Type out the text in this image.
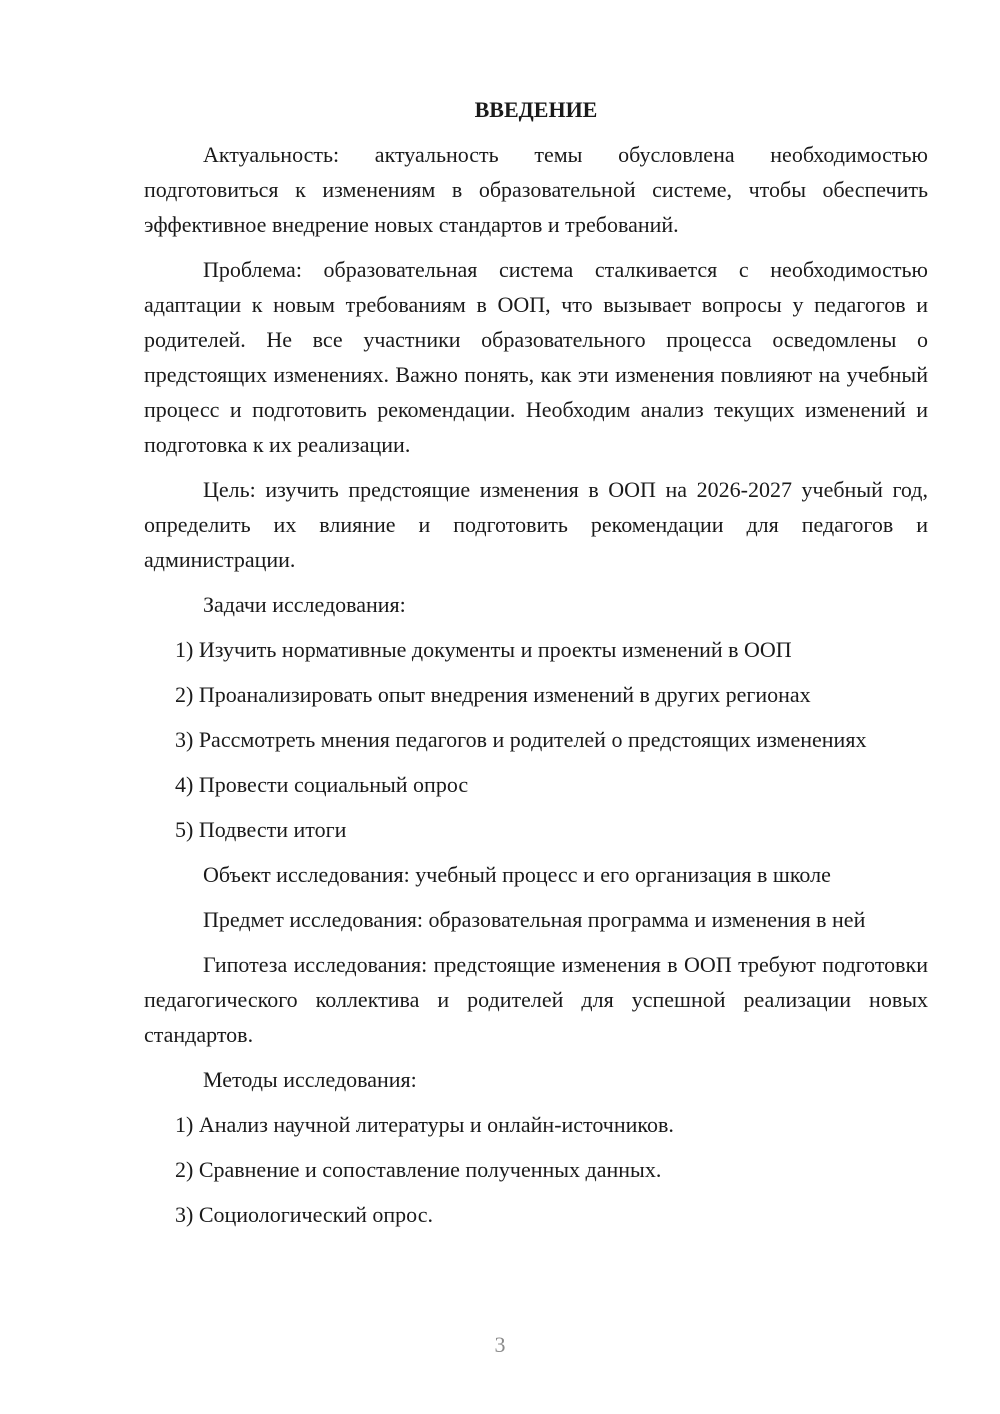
ВВЕДЕНИЕ

Актуальность: актуальность темы обусловлена необходимостью подготовиться к изменениям в образовательной системе, чтобы обеспечить эффективное внедрение новых стандартов и требований.

Проблема: образовательная система сталкивается с необходимостью адаптации к новым требованиям в ООП, что вызывает вопросы у педагогов и родителей. Не все участники образовательного процесса осведомлены о предстоящих изменениях. Важно понять, как эти изменения повлияют на учебный процесс и подготовить рекомендации. Необходим анализ текущих изменений и подготовка к их реализации.

Цель: изучить предстоящие изменения в ООП на 2026-2027 учебный год, определить их влияние и подготовить рекомендации для педагогов и администрации.

Задачи исследования:

1) Изучить нормативные документы и проекты изменений в ООП

2) Проанализировать опыт внедрения изменений в других регионах

3) Рассмотреть мнения педагогов и родителей о предстоящих изменениях

4) Провести социальный опрос

5) Подвести итоги

Объект исследования: учебный процесс и его организация в школе

Предмет исследования: образовательная программа и изменения в ней

Гипотеза исследования: предстоящие изменения в ООП требуют подготовки педагогического коллектива и родителей для успешной реализации новых стандартов.

Методы исследования:

1) Анализ научной литературы и онлайн-источников.

2) Сравнение и сопоставление полученных данных.

3) Социологический опрос.

3
